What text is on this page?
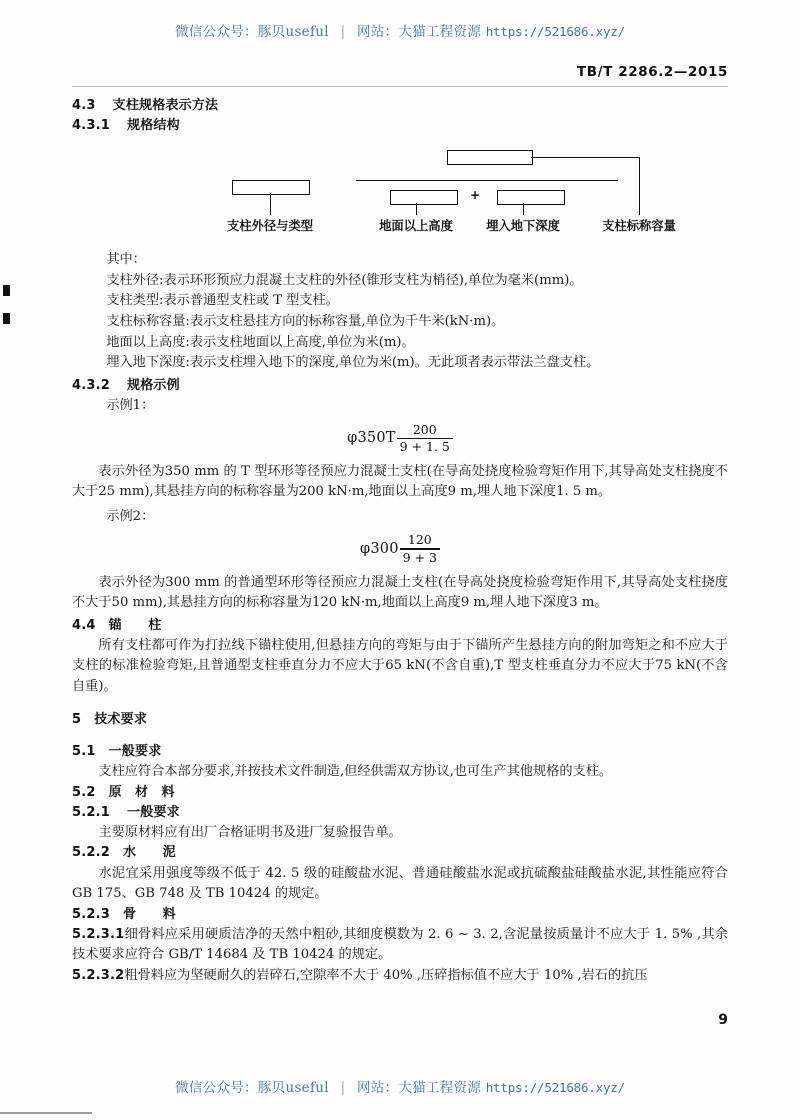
微信公众号：豚贝useful | 网站：大猫工程资源 https://521686.xyz/
TB/T 2286.2—2015
4.3 支柱规格表示方法
4.3.1 规格结构
+
支柱外径与类型	地面以上高度	埋入地下深度	支柱标称容量

其中：

支柱外径:表示环形预应力混凝土支柱的外径(锥形支柱为梢径),单位为毫米(mm)。

支柱类型:表示普通型支柱或 T 型支柱。

支柱标称容量:表示支柱悬挂方向的标称容量,单位为千牛米(kN·m)。

地面以上高度:表示支柱地面以上高度,单位为米(m)。

埋入地下深度:表示支柱埋入地下的深度,单位为米(m)。无此项者表示带法兰盘支柱。

4.3.2 规格示例

示例1：

$\varphi 350T \frac{200}{9 + 1. 5}$

表示外径为350 mm 的 T 型环形等径预应力混凝土支柱(在导高处挠度检验弯矩作用下,其导高处支柱挠度不大于25 mm),其悬挂方向的标称容量为200 kN·m,地面以上高度9 m,埋人地下深度1. 5 m。

示例2：

$\varphi 300 \frac{120}{9 + 3}$

表示外径为300 mm 的普通型环形等径预应力混凝土支柱(在导高处挠度检验弯矩作用下,其导高处支柱挠度不大于50 mm),其悬挂方向的标称容量为120 kN·m,地面以上高度9 m,埋人地下深度3 m。

4.4 锚　　柱

所有支柱都可作为打拉线下锚柱使用,但悬挂方向的弯矩与由于下锚所产生悬挂方向的附加弯矩之和不应大于支柱的标准检验弯矩,且普通型支柱垂直分力不应大于65 kN(不含自重),T 型支柱垂直分力不应大于75 kN(不含自重)。

5 技术要求
5.1 一般要求

支柱应符合本部分要求,并按技术文件制造,但经供需双方协议,也可生产其他规格的支柱。

5.2 原　材　料
5.2.1 一般要求

主要原材料应有出厂合格证明书及进厂复验报告单。

5.2.2 水　　泥

水泥宜采用强度等级不低于 42. 5 级的硅酸盐水泥、普通硅酸盐水泥或抗硫酸盐硅酸盐水泥,其性能应符合 GB 175、GB 748 及 TB 10424 的规定。

5.2.3 骨　　料

5.2.3.1细骨料应采用硬质洁净的天然中粗砂,其细度模数为 2. 6 ~ 3. 2,含泥量按质量计不应大于 1. 5% ,其余技术要求应符合 GB/T 14684 及 TB 10424 的规定。

5.2.3.2粗骨料应为坚硬耐久的岩碎石,空隙率不大于 40% ,压碎指标值不应大于 10% ,岩石的抗压

9
微信公众号：豚贝useful | 网站：大猫工程资源 https://521686.xyz/
